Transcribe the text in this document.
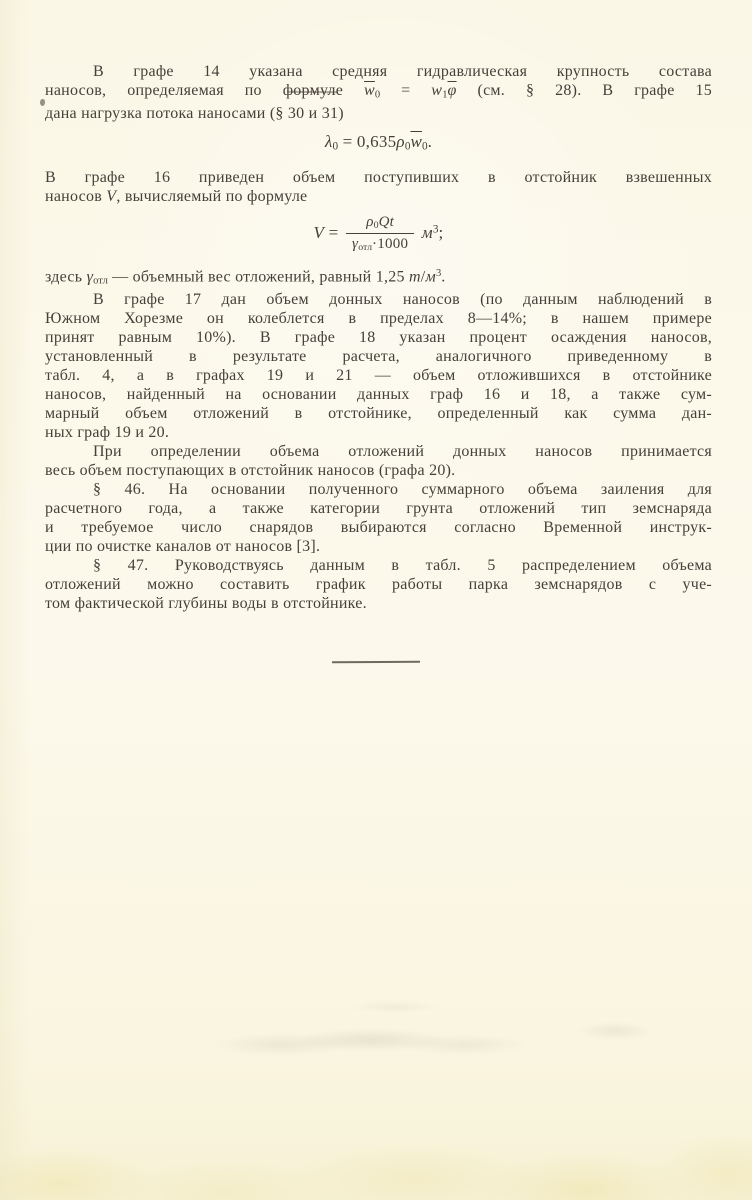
В графе 14 указана средняя гидравлическая крупность состава
наносов, определяемая по формуле $\overline{w}0 = w1\overline{\varphi}$ (см. § 28). В графе 15
дана нагрузка потока наносами (§ 30 и 31)
$\lambda 0 = 0,635\rho 0\overline{w}0$.
В графе 16 приведен объем поступивших в отстойник взвешенных
наносов V, вычисляемый по формуле
$V = \frac{\rho 0Qt}{\text{γотл·1000}} м^3$;
здесь γотл — объемный вес отложений, равный 1,25 $т/м^3$.
В графе 17 дан объем донных наносов (по данным наблюдений в
Южном Хорезме он колеблется в пределах 8—14%; в нашем примере
принят равным 10%). В графе 18 указан процент осаждения наносов,
установленный в результате расчета, аналогичного приведенному в
табл. 4, а в графах 19 и 21 — объем отложившихся в отстойнике
наносов, найденный на основании данных граф 16 и 18, а также сум-
марный объем отложений в отстойнике, определенный как сумма дан-
ных граф 19 и 20.
При определении объема отложений донных наносов принимается
весь объем поступающих в отстойник наносов (графа 20).
§ 46. На основании полученного суммарного объема заиления для
расчетного года, а также категории грунта отложений тип земснаряда
и требуемое число снарядов выбираются согласно Временной инструк-
ции по очистке каналов от наносов [3].
§ 47. Руководствуясь данным в табл. 5 распределением объема
отложений можно составить график работы парка земснарядов с уче-
том фактической глубины воды в отстойнике.
